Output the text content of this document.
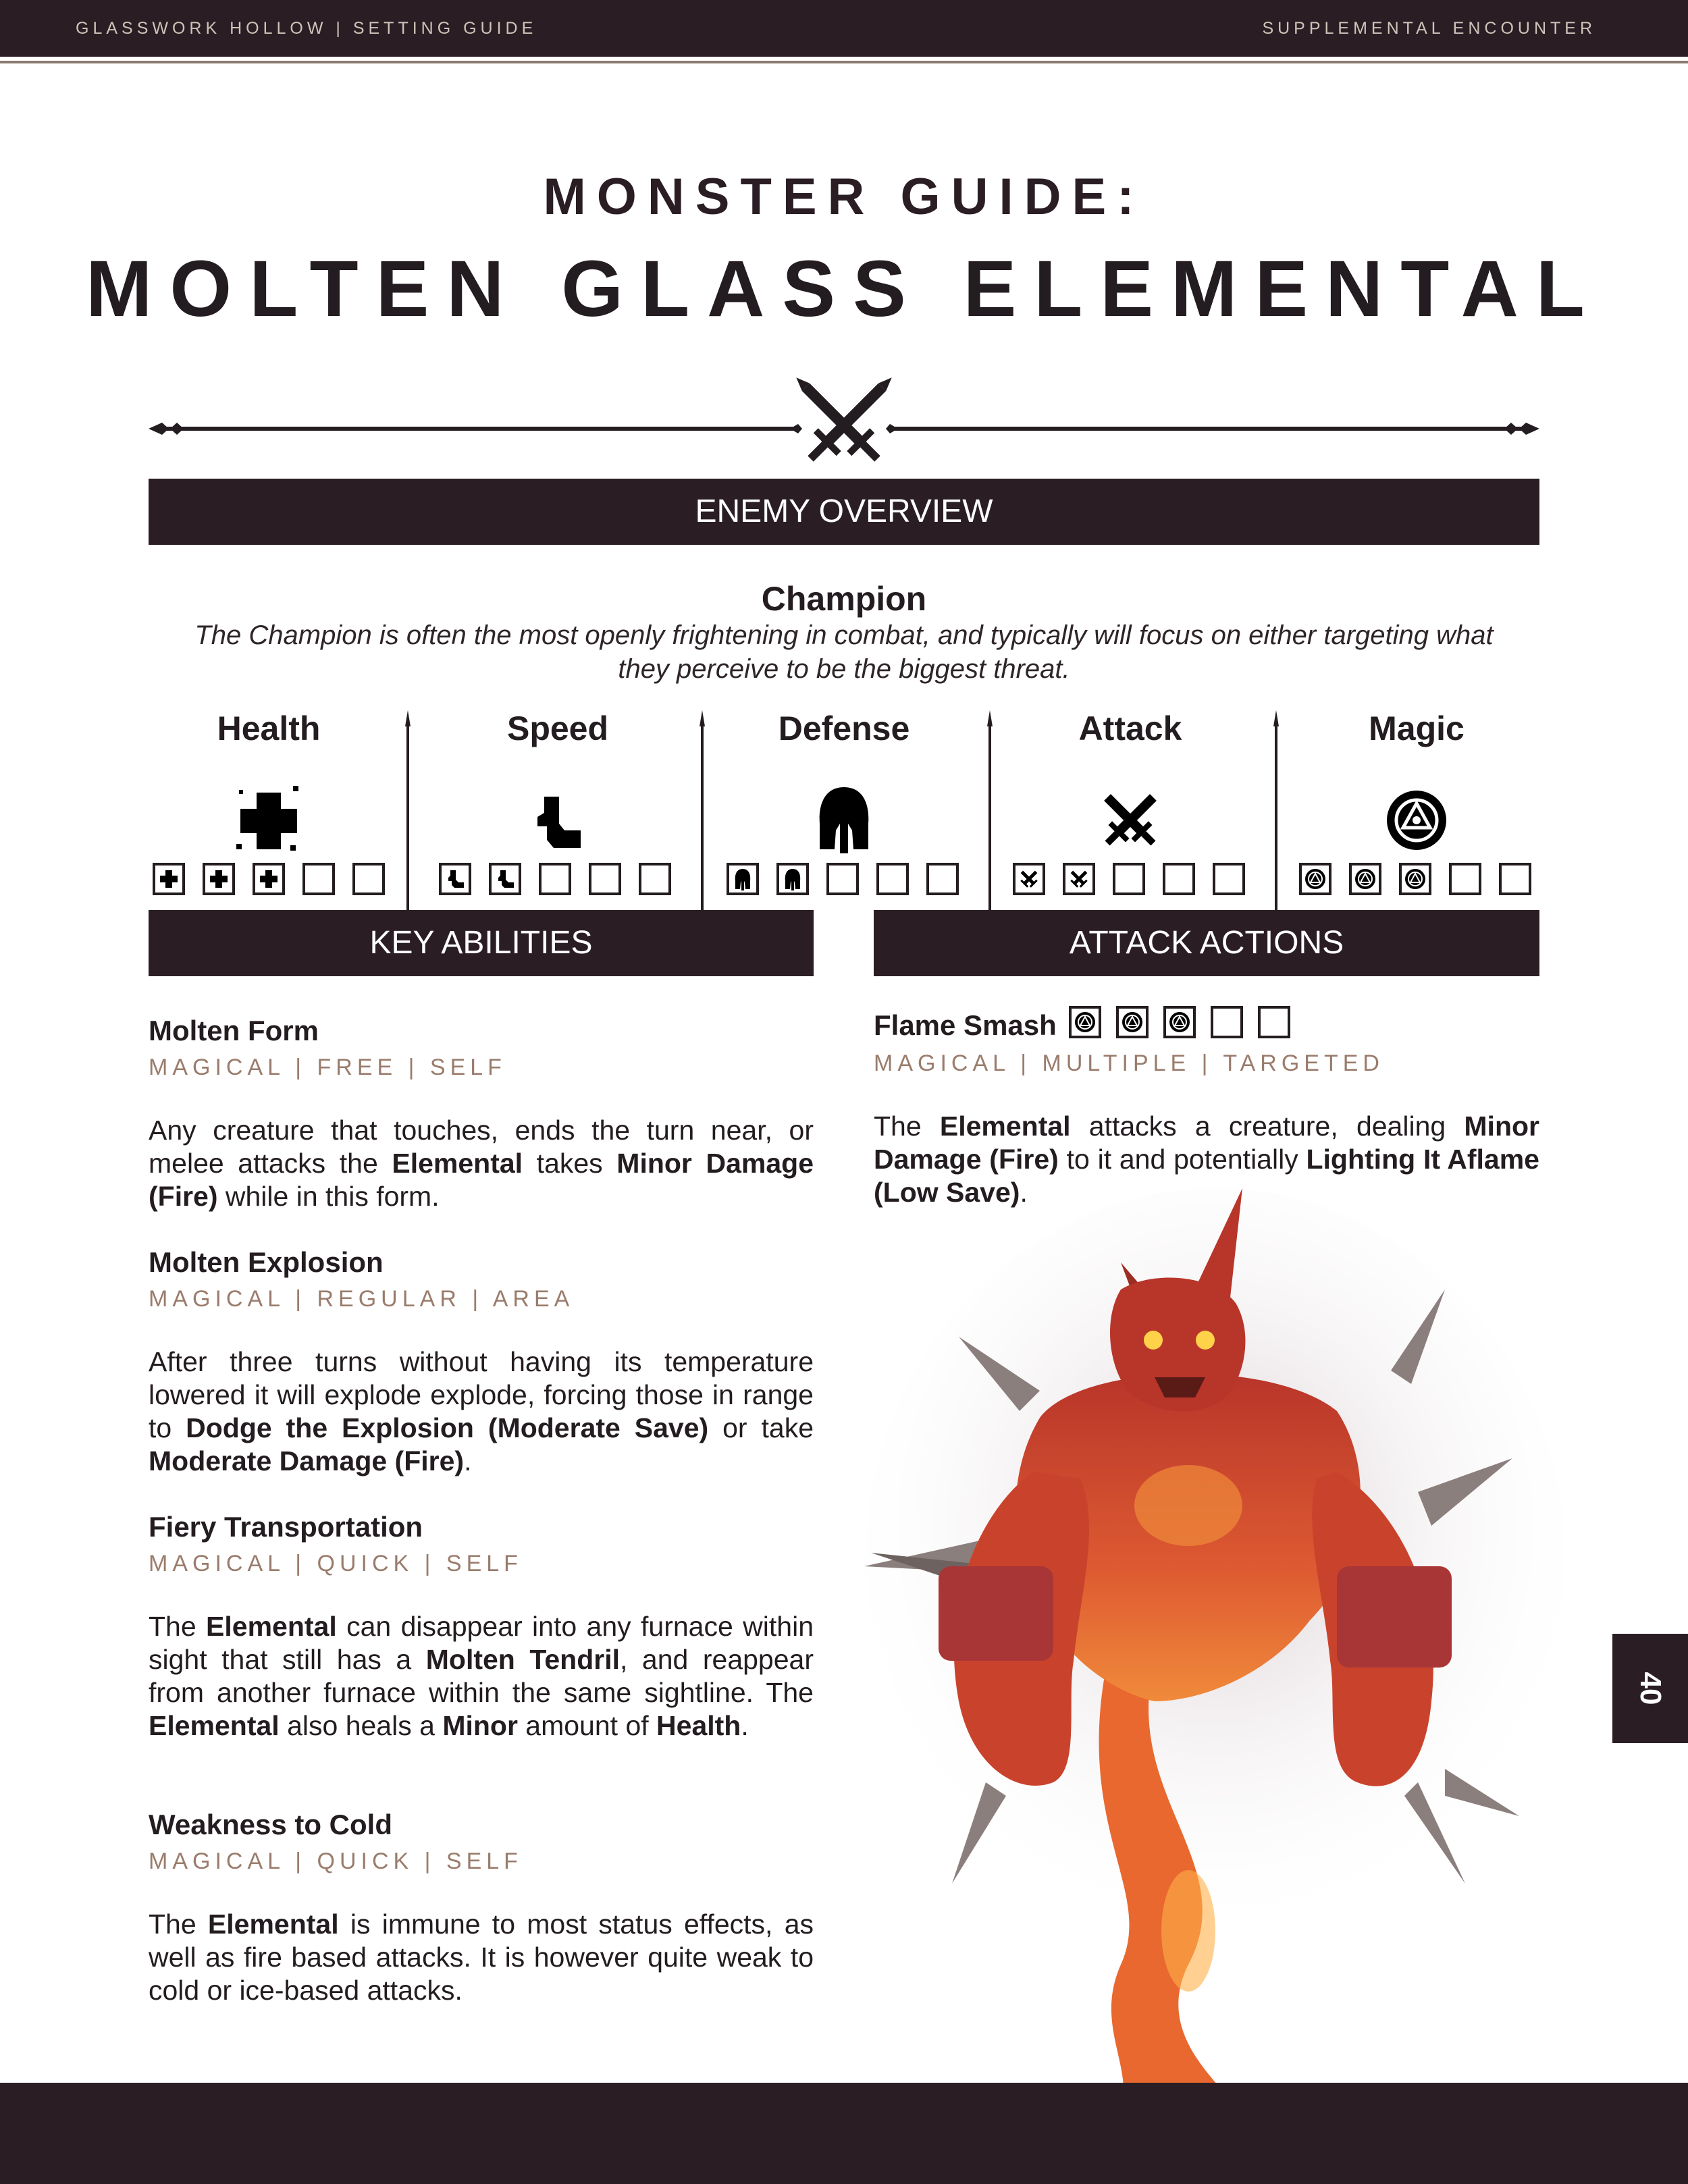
GLASSWORK HOLLOW | SETTING GUIDE	SUPPLEMENTAL ENCOUNTER
MONSTER GUIDE:
MOLTEN GLASS ELEMENTAL
ENEMY OVERVIEW
Champion
The Champion is often the most openly frightening in combat, and typically will focus on either targeting what they perceive to be the biggest threat.
Health	Speed	Defense	Attack	Magic
KEY ABILITIES	ATTACK ACTIONS
Molten Form
MAGICAL | FREE | SELF
Any creature that touches, ends the turn near, or melee attacks the Elemental takes Minor Damage (Fire) while in this form.
Molten Explosion
MAGICAL | REGULAR | AREA
After three turns without having its temperature lowered it will explode explode, forcing those in range to Dodge the Explosion (Moderate Save) or take Moderate Damage (Fire).
Fiery Transportation
MAGICAL | QUICK | SELF
The Elemental can disappear into any furnace within sight that still has a Molten Tendril, and reappear from another furnace within the same sightline. The Elemental also heals a Minor amount of Health.
Weakness to Cold
MAGICAL | QUICK | SELF
The Elemental is immune to most status effects, as well as fire based attacks. It is however quite weak to cold or ice-based attacks.
Flame Smash
MAGICAL | MULTIPLE | TARGETED
The Elemental attacks a creature, dealing Minor Damage (Fire) to it and potentially Lighting It Aflame (Low Save).
40
